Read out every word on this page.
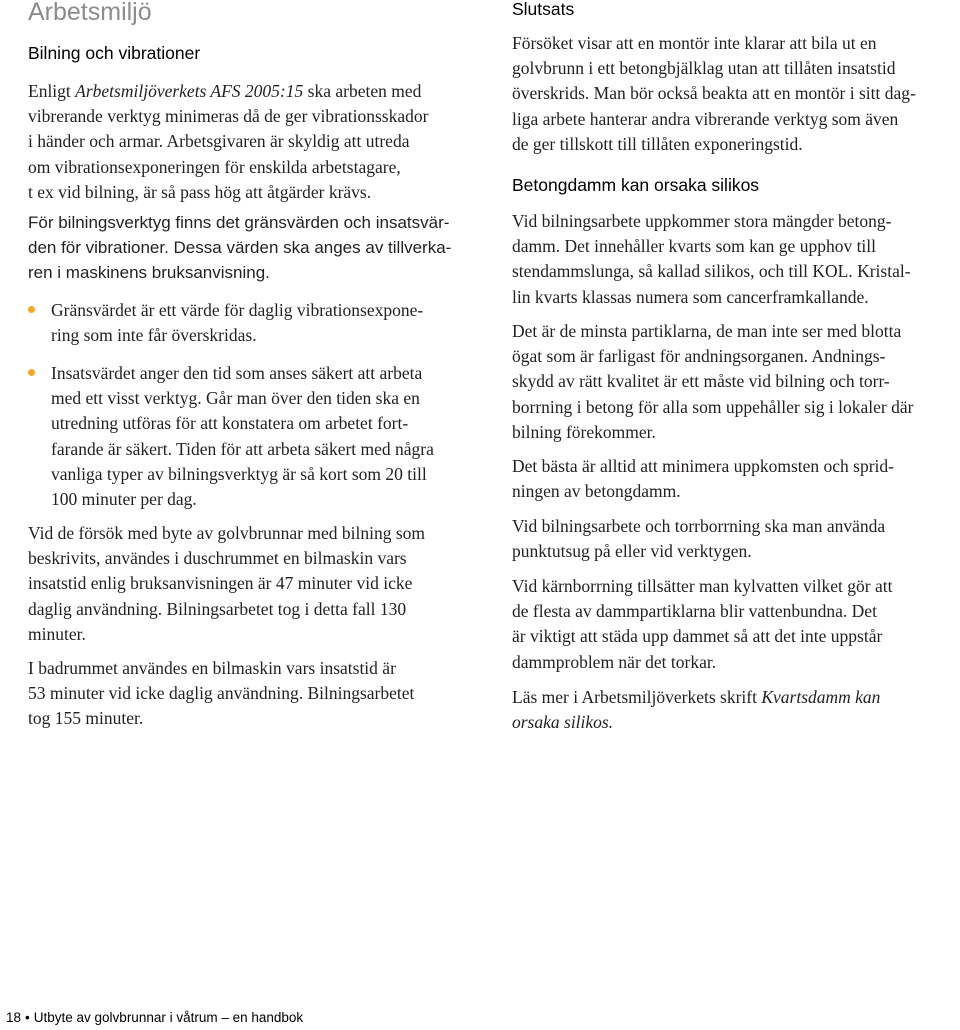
Arbetsmiljö
Bilning och vibrationer

Enligt Arbetsmiljöverkets AFS 2005:15 ska arbeten med
vibrerande verktyg minimeras då de ger vibrationsskador
i händer och armar. Arbetsgivaren är skyldig att utreda
om vibrationsexponeringen för enskilda arbetstagare,
t ex vid bilning, är så pass hög att åtgärder krävs.

För bilningsverktyg finns det gränsvärden och insatsvär-
den för vibrationer. Dessa värden ska anges av tillverka-
ren i maskinens bruksanvisning.

Gränsvärdet är ett värde för daglig vibrationsexpone-
ring som inte får överskridas.

Insatsvärdet anger den tid som anses säkert att arbeta
med ett visst verktyg. Går man över den tiden ska en
utredning utföras för att konstatera om arbetet fort-
farande är säkert. Tiden för att arbeta säkert med några
vanliga typer av bilningsverktyg är så kort som 20 till
100 minuter per dag.

Vid de försök med byte av golvbrunnar med bilning som
beskrivits, användes i duschrummet en bilmaskin vars
insatstid enlig bruksanvisningen är 47 minuter vid icke
daglig användning. Bilningsarbetet tog i detta fall 130
minuter.

I badrummet användes en bilmaskin vars insatstid är
53 minuter vid icke daglig användning. Bilningsarbetet
tog 155 minuter.

Slutsats

Försöket visar att en montör inte klarar att bila ut en
golvbrunn i ett betongbjälklag utan att tillåten insatstid
överskrids. Man bör också beakta att en montör i sitt dag-
liga arbete hanterar andra vibrerande verktyg som även
de ger tillskott till tillåten exponeringstid.

Betongdamm kan orsaka silikos

Vid bilningsarbete uppkommer stora mängder betong-
damm. Det innehåller kvarts som kan ge upphov till
stendammslunga, så kallad silikos, och till KOL. Kristal-
lin kvarts klassas numera som cancerframkallande.

Det är de minsta partiklarna, de man inte ser med blotta
ögat som är farligast för andningsorganen. Andnings-
skydd av rätt kvalitet är ett måste vid bilning och torr-
borrning i betong för alla som uppehåller sig i lokaler där
bilning förekommer.

Det bästa är alltid att minimera uppkomsten och sprid-
ningen av betongdamm.

Vid bilningsarbete och torrborrning ska man använda
punktutsug på eller vid verktygen.

Vid kärnborrning tillsätter man kylvatten vilket gör att
de flesta av dammpartiklarna blir vattenbundna. Det
är viktigt att städa upp dammet så att det inte uppstår
dammproblem när det torkar.

Läs mer i Arbetsmiljöverkets skrift Kvartsdamm kan
orsaka silikos.

18 • Utbyte av golvbrunnar i våtrum – en handbok
